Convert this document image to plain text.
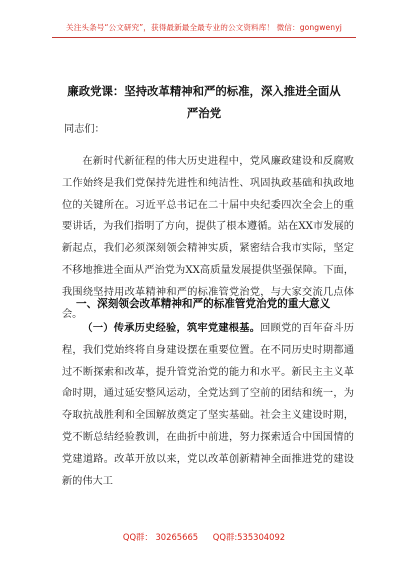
关注头条号“公文研究”，获得最新最全最专业的公文资料库！ 微信：gongwenyj
廉政党课：坚持改革精神和严的标准，深入推进全面从严治党

同志们：

在新时代新征程的伟大历史进程中，党风廉政建设和反腐败工作始终是我们党保持先进性和纯洁性、巩固执政基础和执政地位的关键所在。习近平总书记在二十届中央纪委四次全会上的重要讲话，为我们指明了方向，提供了根本遵循。站在XX市发展的新起点，我们必须深刻领会精神实质，紧密结合我市实际，坚定不移地推进全面从严治党为XX高质量发展提供坚强保障。下面，我围绕坚持用改革精神和严的标准管党治党，与大家交流几点体会。

一、深刻领会改革精神和严的标准管党治党的重大意义

（一）传承历史经验，筑牢党建根基。回顾党的百年奋斗历程，我们党始终将自身建设摆在重要位置。在不同历史时期都通过不断探索和改革，提升管党治党的能力和水平。新民主主义革命时期，通过延安整风运动，全党达到了空前的团结和统一，为夺取抗战胜利和全国解放奠定了坚实基础。社会主义建设时期，党不断总结经验教训，在曲折中前进，努力探索适合中国国情的党建道路。改革开放以来，党以改革创新精神全面推进党的建设新的伟大工

QQ群： 30265665 QQ群:535304092
